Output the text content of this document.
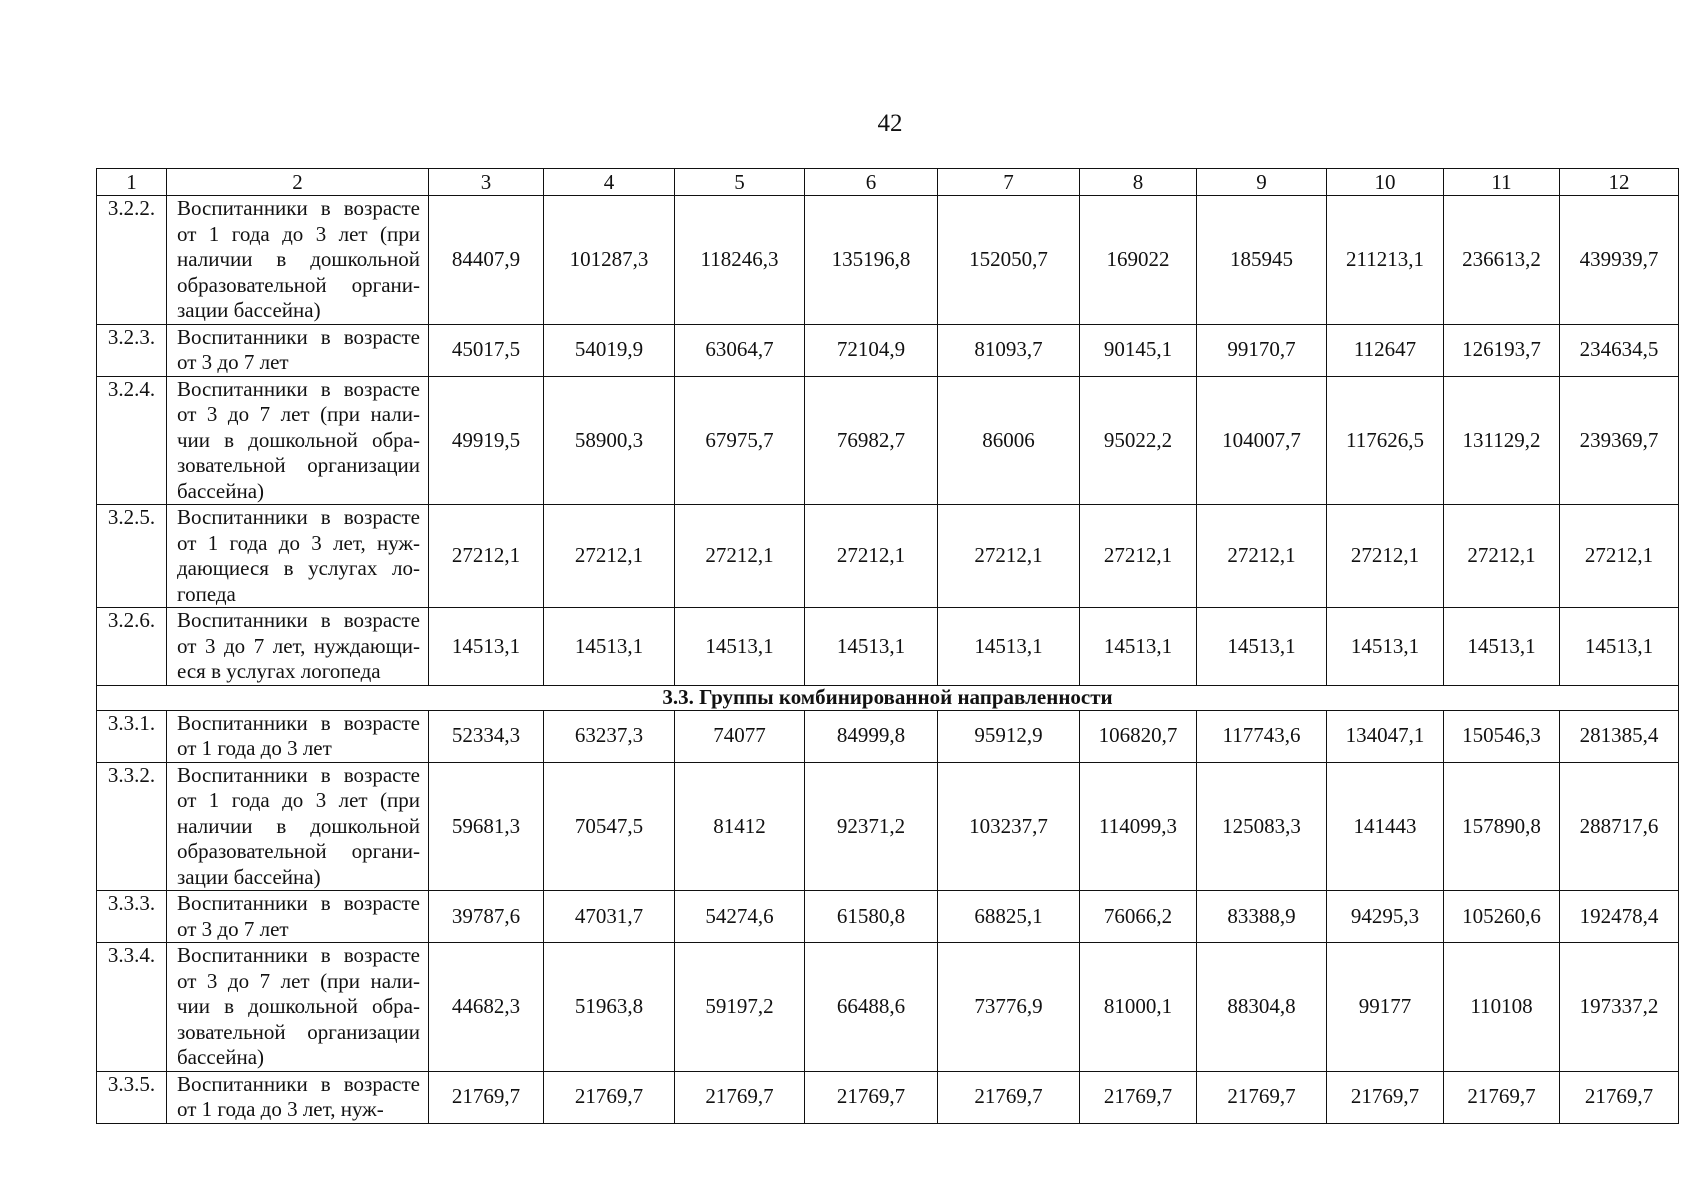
42
1	2	3	4	5	6	7	8	9	10	11	12
3.2.2.	Воспитанники в возрасте
от 1 года до 3 лет (при
наличии в дошкольной
образовательной органи-
зации бассейна)	84407,9	101287,3	118246,3	135196,8	152050,7	169022	185945	211213,1	236613,2	439939,7
3.2.3.	Воспитанники в возрасте
от 3 до 7 лет	45017,5	54019,9	63064,7	72104,9	81093,7	90145,1	99170,7	112647	126193,7	234634,5
3.2.4.	Воспитанники в возрасте
от 3 до 7 лет (при нали-
чии в дошкольной обра-
зовательной организации
бассейна)	49919,5	58900,3	67975,7	76982,7	86006	95022,2	104007,7	117626,5	131129,2	239369,7
3.2.5.	Воспитанники в возрасте
от 1 года до 3 лет, нуж-
дающиеся в услугах ло-
гопеда	27212,1	27212,1	27212,1	27212,1	27212,1	27212,1	27212,1	27212,1	27212,1	27212,1
3.2.6.	Воспитанники в возрасте
от 3 до 7 лет, нуждающи-
еся в услугах логопеда	14513,1	14513,1	14513,1	14513,1	14513,1	14513,1	14513,1	14513,1	14513,1	14513,1
3.3. Группы комбинированной направленности											
3.3.1.	Воспитанники в возрасте
от 1 года до 3 лет	52334,3	63237,3	74077	84999,8	95912,9	106820,7	117743,6	134047,1	150546,3	281385,4
3.3.2.	Воспитанники в возрасте
от 1 года до 3 лет (при
наличии в дошкольной
образовательной органи-
зации бассейна)	59681,3	70547,5	81412	92371,2	103237,7	114099,3	125083,3	141443	157890,8	288717,6
3.3.3.	Воспитанники в возрасте
от 3 до 7 лет	39787,6	47031,7	54274,6	61580,8	68825,1	76066,2	83388,9	94295,3	105260,6	192478,4
3.3.4.	Воспитанники в возрасте
от 3 до 7 лет (при нали-
чии в дошкольной обра-
зовательной организации
бассейна)	44682,3	51963,8	59197,2	66488,6	73776,9	81000,1	88304,8	99177	110108	197337,2
3.3.5.	Воспитанники в возрасте
от 1 года до 3 лет, нуж-	21769,7	21769,7	21769,7	21769,7	21769,7	21769,7	21769,7	21769,7	21769,7	21769,7
